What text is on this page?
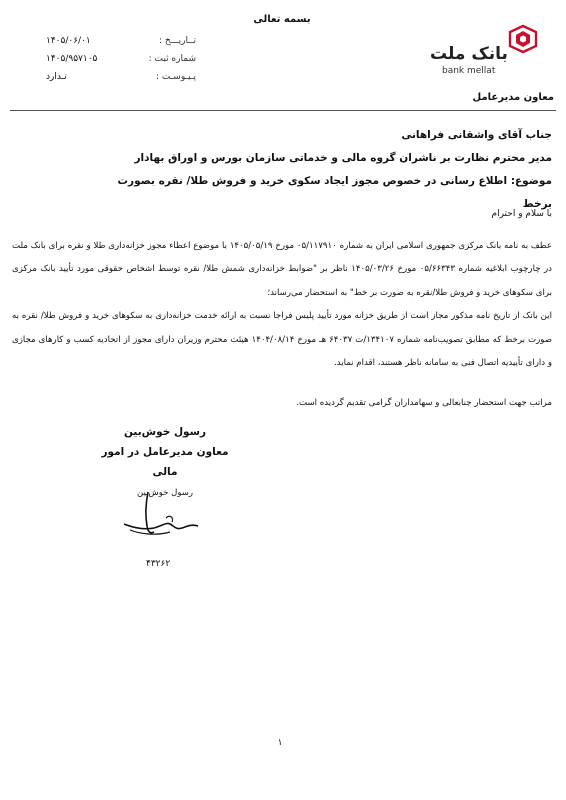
بسمه تعالی
تــاریـــخ :
۱۴۰۵/۰۶/۰۱
شماره ثبت :
۱۴۰۵/۹۵۷۱۰۵
پـیـوسـت :
نـدارد
بانک ملت
bank mellat
معاون مدیرعامل
جناب آقای واشقانی فراهانی
مدیر محترم نظارت بر ناشران گروه مالی و خدماتی سازمان بورس و اوراق بهادار
موضوع: اطلاع رسانی در خصوص مجوز ایجاد سکوی خرید و فروش طلا/ نقره بصورت برخط
با سلام و احترام

عطف به نامه بانک مرکزی جمهوری اسلامی ایران به شماره ۰۵/۱۱۷۹۱۰ مورخ ۱۴۰۵/۰۵/۱۹ با موضوع اعطاء مجوز خزانه‌داری طلا و نقره برای بانک ملت در چارچوب ابلاغیه شماره ۰۵/۶۶۳۴۳ مورخ ۱۴۰۵/۰۳/۲۶ ناظر بر "ضوابط خزانه‌داری شمش طلا/ نقره توسط اشخاص حقوقی مورد تأیید بانک مرکزی برای سکوهای خرید و فروش طلا/نقره به صورت بر خط" به استحضار می‌رساند؛

این بانک از تاریخ نامه مذکور مجاز است از طریق خزانه مورد تأیید پلیس فراجا نسبت به ارائه خدمت خزانه‌داری به سکوهای خرید و فروش طلا/ نقره به صورت برخط که مطابق تصویب‌نامه شماره ۱۳۴۱۰۷/ت ۶۴۰۳۷ هـ مورخ ۱۴۰۴/۰۸/۱۴ هیئت محترم وزیران دارای مجوز از اتحادیه کسب و کارهای مجازی و دارای تأییدیه اتصال فنی به سامانه ناظر هستند، اقدام نماید.

مراتب جهت استحضار جنابعالی و سهامداران گرامی تقدیم گردیده است.
رسول خوش‌بین
معاون مدیرعامل در امور مالی
رسول خوش‌بین
۴۳۲۶۲
۱
